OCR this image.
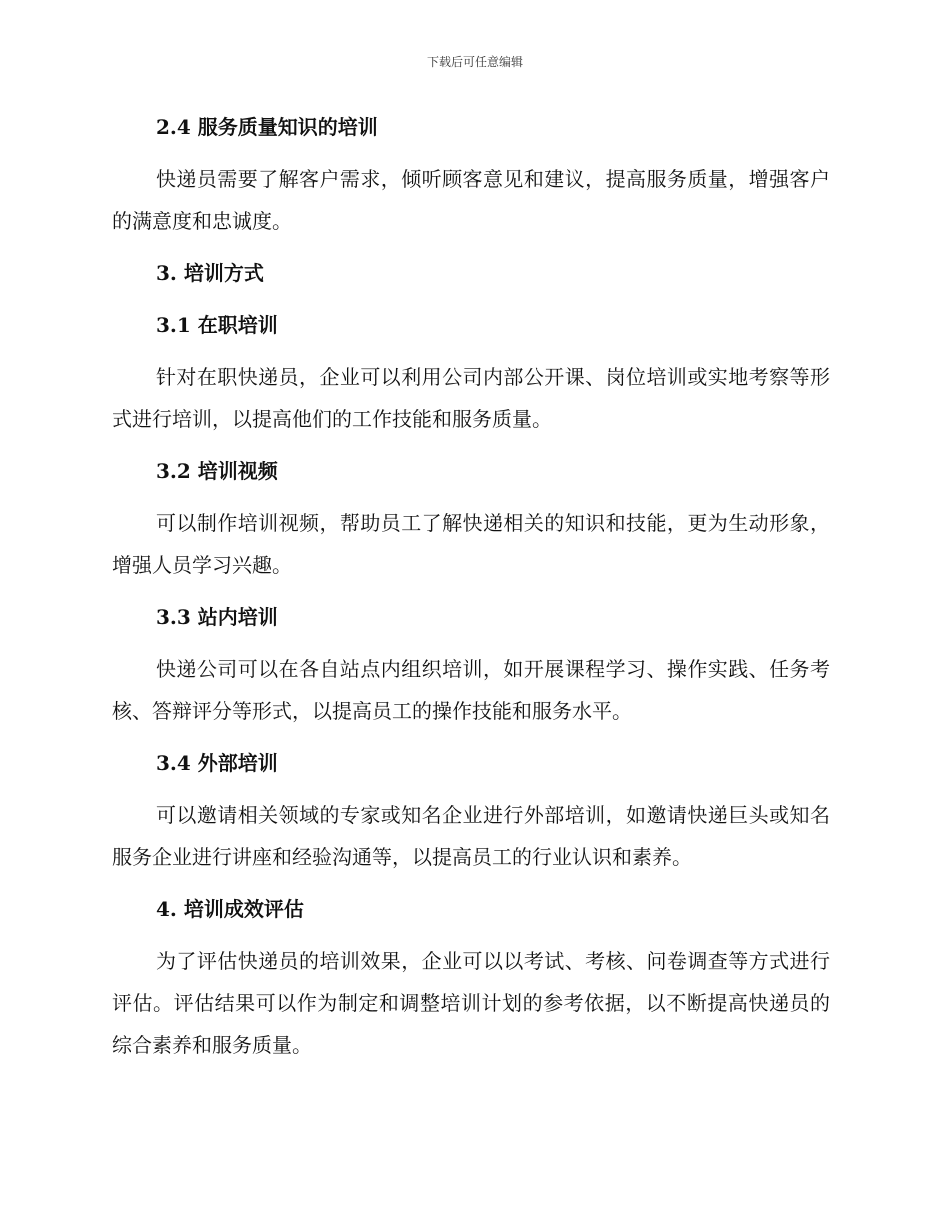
下载后可任意编辑
2.4 服务质量知识的培训

快递员需要了解客户需求，倾听顾客意见和建议，提高服务质量，增强客户的满意度和忠诚度。

3. 培训方式
3.1 在职培训

针对在职快递员，企业可以利用公司内部公开课、岗位培训或实地考察等形式进行培训，以提高他们的工作技能和服务质量。

3.2 培训视频

可以制作培训视频，帮助员工了解快递相关的知识和技能，更为生动形象，增强人员学习兴趣。

3.3 站内培训

快递公司可以在各自站点内组织培训，如开展课程学习、操作实践、任务考核、答辩评分等形式，以提高员工的操作技能和服务水平。

3.4 外部培训

可以邀请相关领域的专家或知名企业进行外部培训，如邀请快递巨头或知名服务企业进行讲座和经验沟通等，以提高员工的行业认识和素养。

4. 培训成效评估

为了评估快递员的培训效果，企业可以以考试、考核、问卷调查等方式进行评估。评估结果可以作为制定和调整培训计划的参考依据，以不断提高快递员的综合素养和服务质量。
